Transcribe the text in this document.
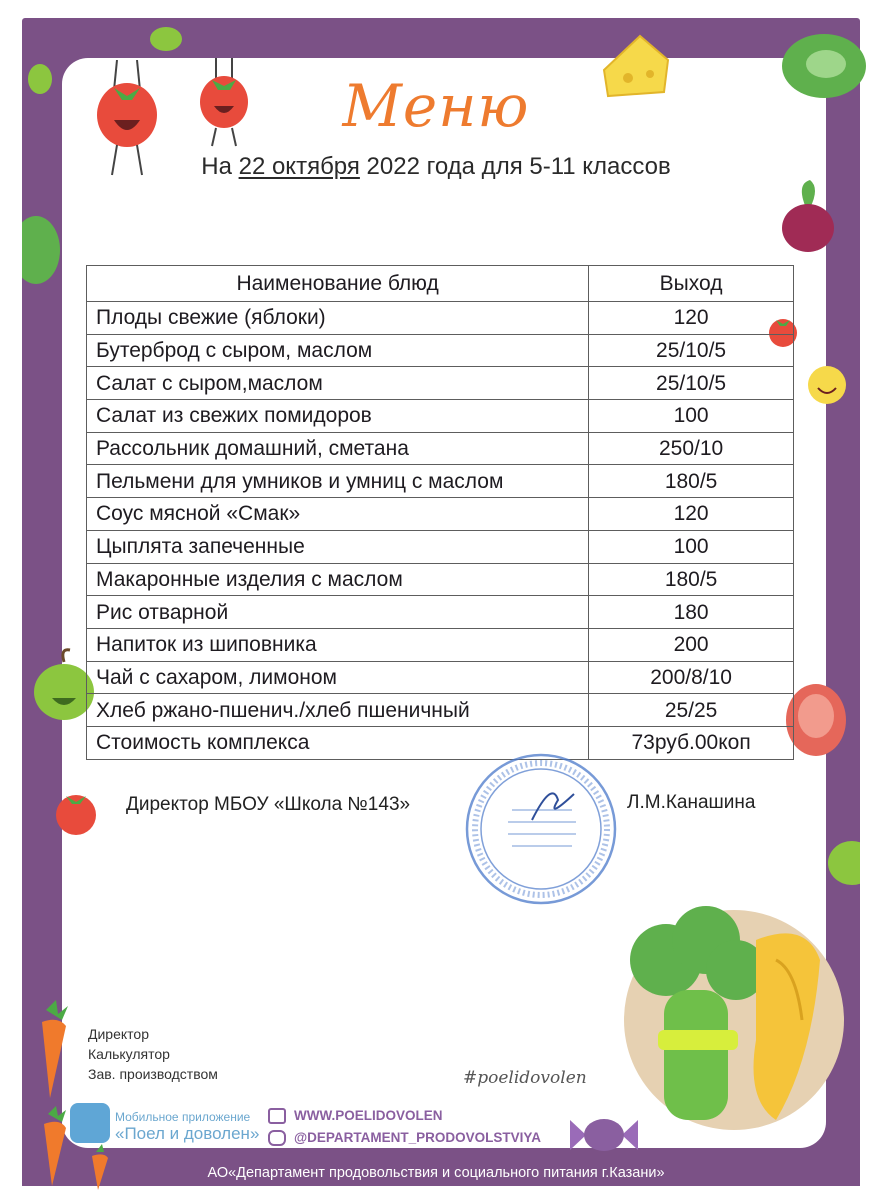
АО«Департамент продовольствия и социального питания г.Казани»
Меню
На 22 октября 2022 года для 5-11 классов
Наименование блюд	Выход
Плоды свежие (яблоки)	120
Бутерброд с сыром, маслом	25/10/5
Салат с сыром,маслом	25/10/5
Салат из свежих помидоров	100
Рассольник домашний, сметана	250/10
Пельмени для умников и умниц с маслом	180/5
Соус мясной «Смак»	120
Цыплята запеченные	100
Макаронные изделия с маслом	180/5
Рис отварной	180
Напиток из шиповника	200
Чай с сахаром, лимоном	200/8/10
Хлеб ржано-пшенич./хлеб пшеничный	25/25
Стоимость комплекса	73руб.00коп
Директор МБОУ «Школа №143»	Л.М.Канашина
Директор
Калькулятор
Зав. производством	#poelidovolen
Мобильное приложение
«Поел и доволен»
WWW.POELIDOVOLEN
@DEPARTAMENT_PRODOVOLSTVIYA
